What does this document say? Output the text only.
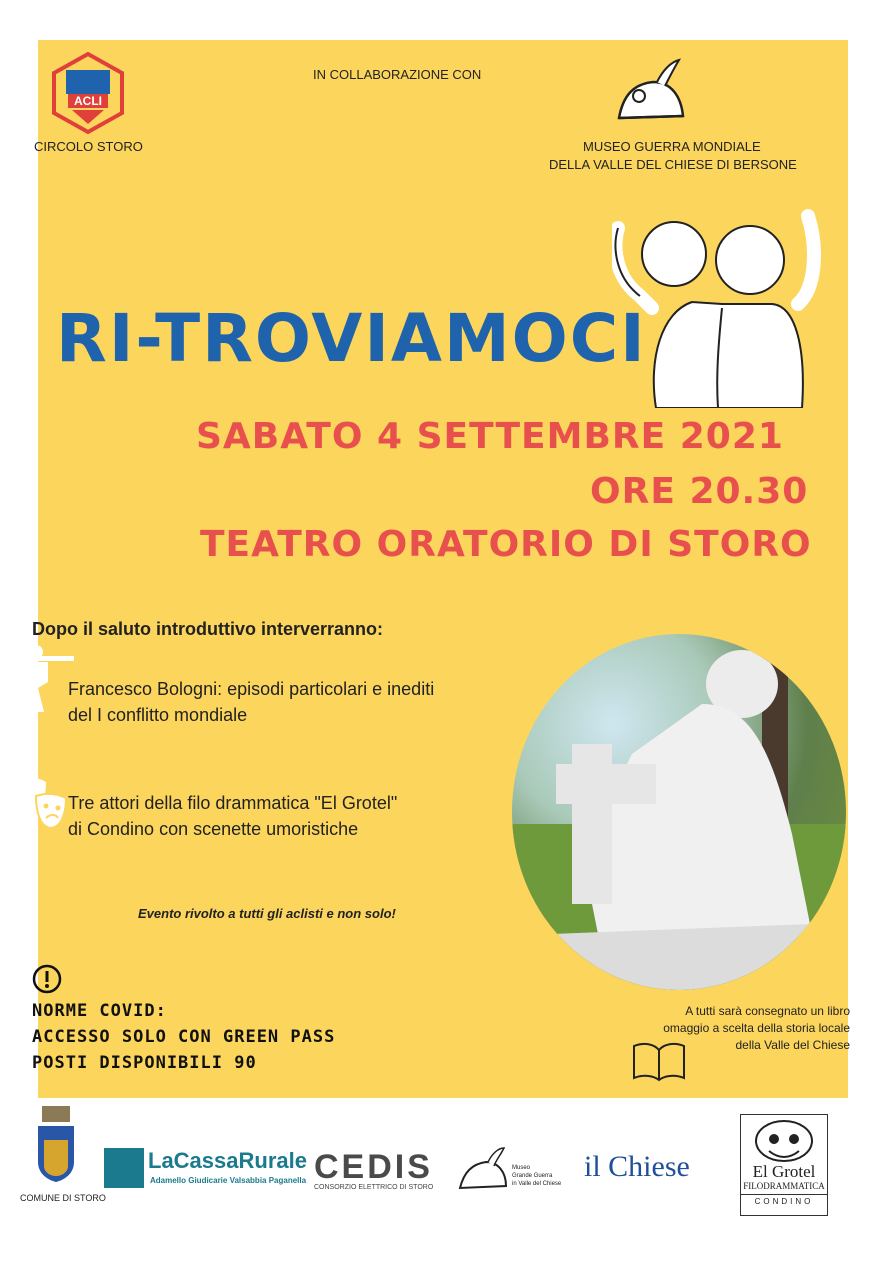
ACLI
CIRCOLO STORO
IN COLLABORAZIONE CON
MUSEO GUERRA MONDIALE
DELLA VALLE DEL CHIESE DI BERSONE
RI-TROVIAMOCI
SABATO 4 SETTEMBRE 2021
ORE 20.30
TEATRO ORATORIO DI STORO
Dopo il saluto introduttivo interverranno:
Francesco Bologni: episodi particolari e inediti
del I conflitto mondiale
Tre attori della filo drammatica "El Grotel"
di Condino con scenette umoristiche
Evento rivolto a tutti gli aclisti e non solo!
NORME COVID:
ACCESSO SOLO CON GREEN PASS
POSTI DISPONIBILI 90
A tutti sarà consegnato un libro
omaggio a scelta della storia locale
della Valle del Chiese
COMUNE DI STORO
LaCassaRurale
Adamello Giudicarie Valsabbia Paganella CEDIS
CONSORZIO ELETTRICO DI STORO
Museo
Grande Guerra
in Valle del Chiese
il Chiese	El Grotel
FILODRAMMATICA
CONDINO
